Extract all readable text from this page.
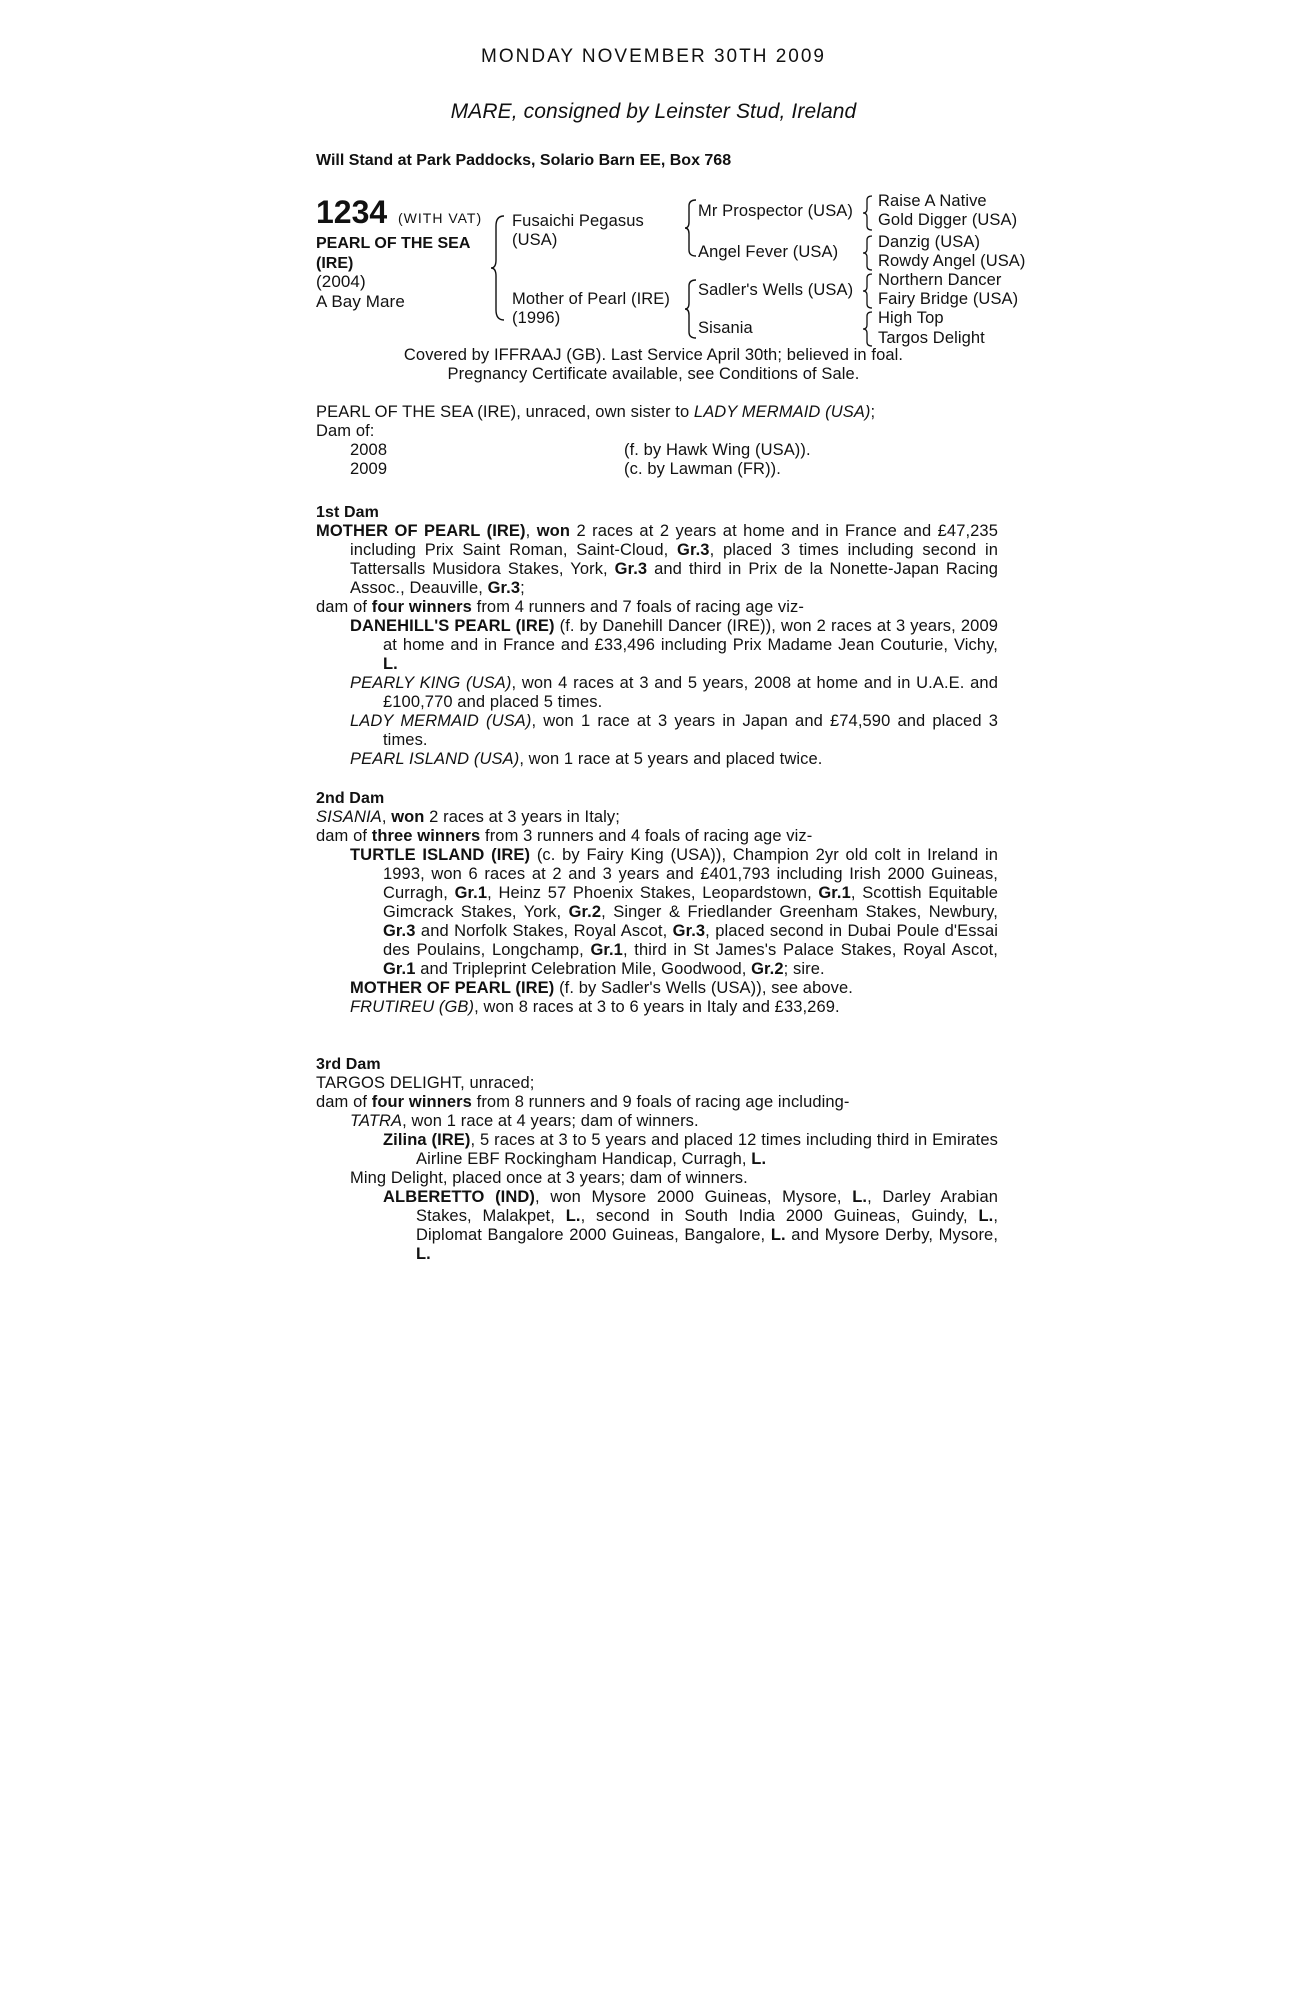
MONDAY NOVEMBER 30TH 2009
MARE, consigned by Leinster Stud, Ireland
Will Stand at Park Paddocks, Solario Barn EE, Box 768
1234 (WITH VAT)
PEARL OF THE SEA
(IRE)
(2004)
A Bay Mare
Fusaichi Pegasus
(USA)
Mother of Pearl (IRE)
(1996)
Mr Prospector (USA)
Angel Fever (USA)
Sadler's Wells (USA)
Sisania
Raise A Native
Gold Digger (USA)
Danzig (USA)
Rowdy Angel (USA)
Northern Dancer
Fairy Bridge (USA)
High Top
Targos Delight
Covered by IFFRAAJ (GB). Last Service April 30th; believed in foal.
Pregnancy Certificate available, see Conditions of Sale.
PEARL OF THE SEA (IRE), unraced, own sister to LADY MERMAID (USA);
Dam of:
2008	(f. by Hawk Wing (USA)).
2009	(c. by Lawman (FR)).
1st Dam
MOTHER OF PEARL (IRE), won 2 races at 2 years at home and in France and £47,235 including Prix Saint Roman, Saint-Cloud, Gr.3, placed 3 times including second in Tattersalls Musidora Stakes, York, Gr.3 and third in Prix de la Nonette-Japan Racing Assoc., Deauville, Gr.3;
dam of four winners from 4 runners and 7 foals of racing age viz-
DANEHILL'S PEARL (IRE) (f. by Danehill Dancer (IRE)), won 2 races at 3 years, 2009 at home and in France and £33,496 including Prix Madame Jean Couturie, Vichy, L.
PEARLY KING (USA), won 4 races at 3 and 5 years, 2008 at home and in U.A.E. and £100,770 and placed 5 times.
LADY MERMAID (USA), won 1 race at 3 years in Japan and £74,590 and placed 3 times.
PEARL ISLAND (USA), won 1 race at 5 years and placed twice.
2nd Dam
SISANIA, won 2 races at 3 years in Italy;
dam of three winners from 3 runners and 4 foals of racing age viz-
TURTLE ISLAND (IRE) (c. by Fairy King (USA)), Champion 2yr old colt in Ireland in 1993, won 6 races at 2 and 3 years and £401,793 including Irish 2000 Guineas, Curragh, Gr.1, Heinz 57 Phoenix Stakes, Leopardstown, Gr.1, Scottish Equitable Gimcrack Stakes, York, Gr.2, Singer & Friedlander Greenham Stakes, Newbury, Gr.3 and Norfolk Stakes, Royal Ascot, Gr.3, placed second in Dubai Poule d'Essai des Poulains, Longchamp, Gr.1, third in St James's Palace Stakes, Royal Ascot, Gr.1 and Tripleprint Celebration Mile, Goodwood, Gr.2; sire.
MOTHER OF PEARL (IRE) (f. by Sadler's Wells (USA)), see above.
FRUTIREU (GB), won 8 races at 3 to 6 years in Italy and £33,269.
3rd Dam
TARGOS DELIGHT, unraced;
dam of four winners from 8 runners and 9 foals of racing age including-
TATRA, won 1 race at 4 years; dam of winners.
Zilina (IRE), 5 races at 3 to 5 years and placed 12 times including third in Emirates Airline EBF Rockingham Handicap, Curragh, L.
Ming Delight, placed once at 3 years; dam of winners.
ALBERETTO (IND), won Mysore 2000 Guineas, Mysore, L., Darley Arabian Stakes, Malakpet, L., second in South India 2000 Guineas, Guindy, L., Diplomat Bangalore 2000 Guineas, Bangalore, L. and Mysore Derby, Mysore, L.
